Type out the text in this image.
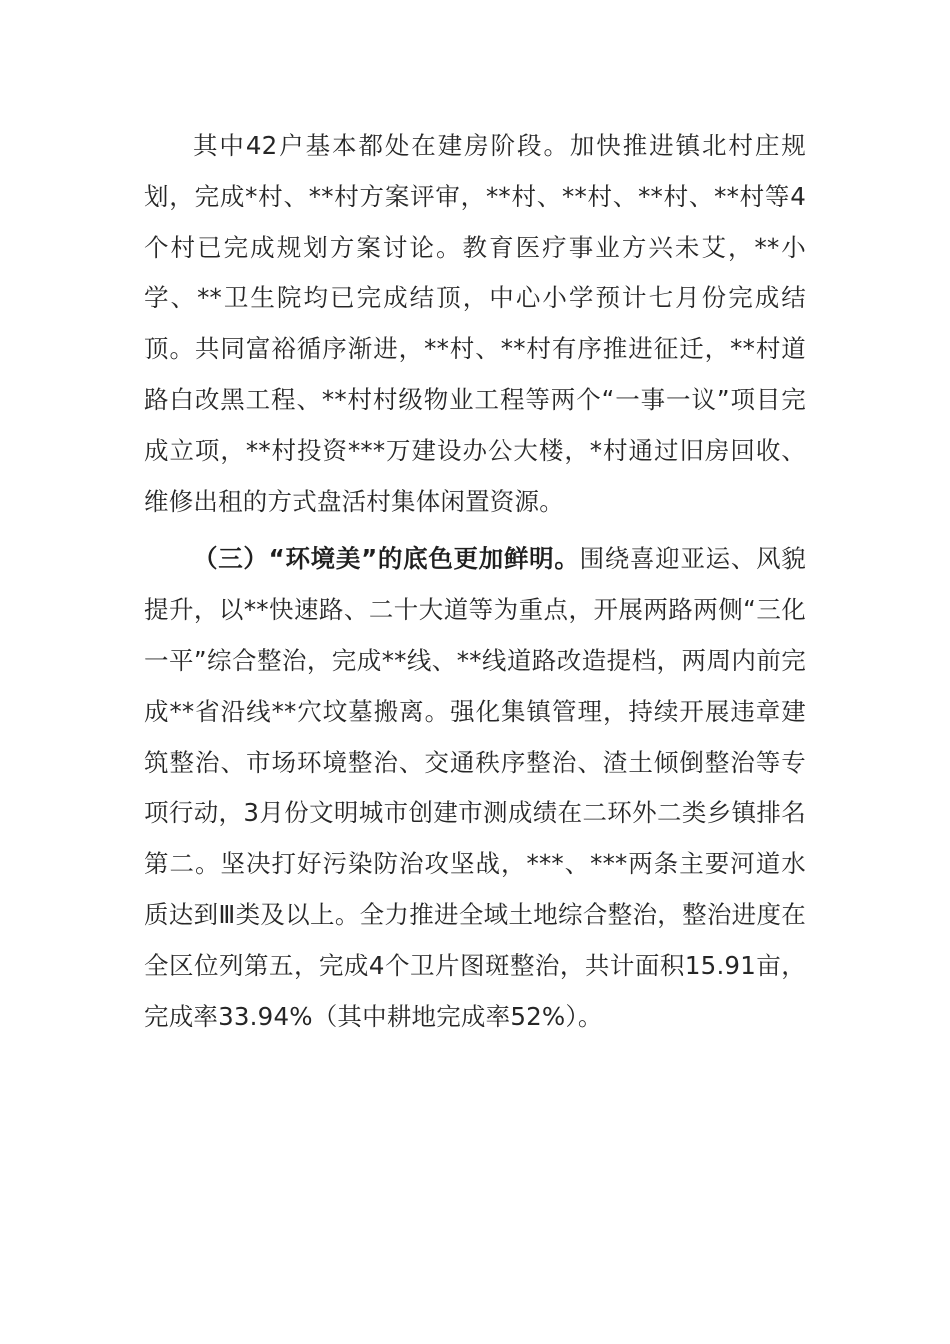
其中42户基本都处在建房阶段。加快推进镇北村庄规划，完成*村、**村方案评审，**村、**村、**村、**村等4个村已完成规划方案讨论。教育医疗事业方兴未艾，**小学、**卫生院均已完成结顶，中心小学预计七月份完成结顶。共同富裕循序渐进，**村、**村有序推进征迁，**村道路白改黑工程、**村村级物业工程等两个“一事一议”项目完成立项，**村投资***万建设办公大楼，*村通过旧房回收、维修出租的方式盘活村集体闲置资源。

（三）“环境美”的底色更加鲜明。围绕喜迎亚运、风貌提升，以**快速路、二十大道等为重点，开展两路两侧“三化一平”综合整治，完成**线、**线道路改造提档，两周内前完成**省沿线**穴坟墓搬离。强化集镇管理，持续开展违章建筑整治、市场环境整治、交通秩序整治、渣土倾倒整治等专项行动，3月份文明城市创建市测成绩在二环外二类乡镇排名第二。坚决打好污染防治攻坚战，***、***两条主要河道水质达到Ⅲ类及以上。全力推进全域土地综合整治，整治进度在全区位列第五，完成4个卫片图斑整治，共计面积15.91亩，完成率33.94%（其中耕地完成率52%）。
